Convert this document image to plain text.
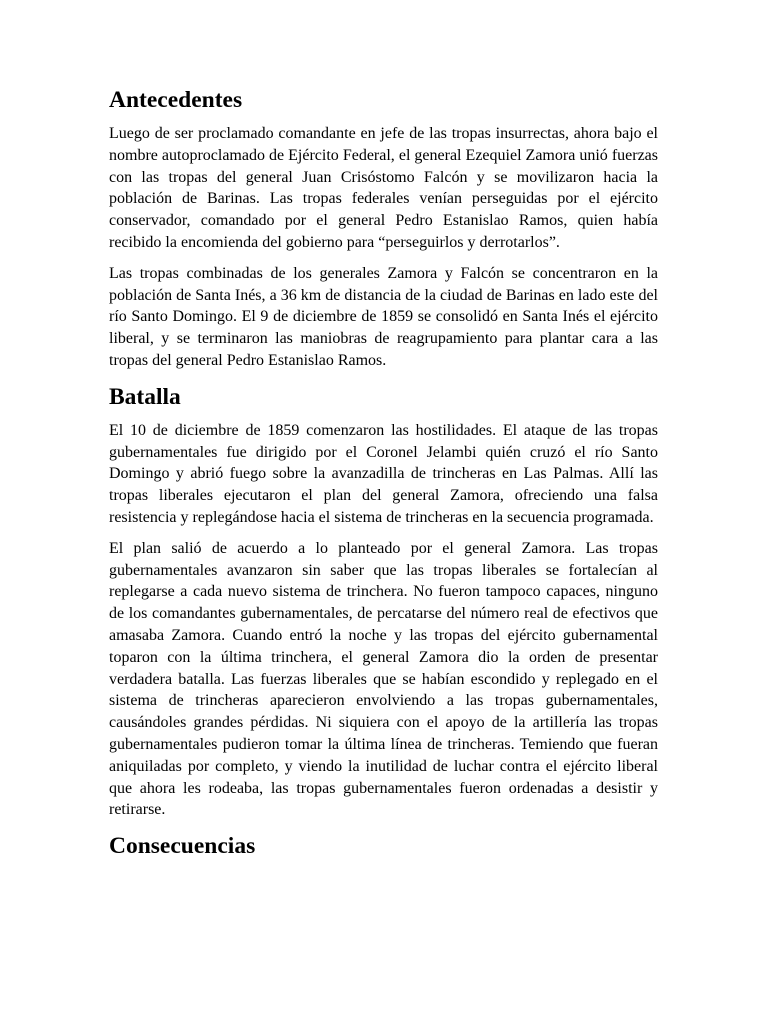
Antecedentes

Luego de ser proclamado comandante en jefe de las tropas insurrectas, ahora bajo el nombre autoproclamado de Ejército Federal, el general Ezequiel Zamora unió fuerzas con las tropas del general Juan Crisóstomo Falcón y se movilizaron hacia la población de Barinas. Las tropas federales venían perseguidas por el ejército conservador, comandado por el general Pedro Estanislao Ramos, quien había recibido la encomienda del gobierno para “perseguirlos y derrotarlos”.

Las tropas combinadas de los generales Zamora y Falcón se concentraron en la población de Santa Inés, a 36 km de distancia de la ciudad de Barinas en lado este del río Santo Domingo. El 9 de diciembre de 1859 se consolidó en Santa Inés el ejército liberal, y se terminaron las maniobras de reagrupamiento para plantar cara a las tropas del general Pedro Estanislao Ramos.

Batalla

El 10 de diciembre de 1859 comenzaron las hostilidades. El ataque de las tropas gubernamentales fue dirigido por el Coronel Jelambi quién cruzó el río Santo Domingo y abrió fuego sobre la avanzadilla de trincheras en Las Palmas. Allí las tropas liberales ejecutaron el plan del general Zamora, ofreciendo una falsa resistencia y replegándose hacia el sistema de trincheras en la secuencia programada.

El plan salió de acuerdo a lo planteado por el general Zamora. Las tropas gubernamentales avanzaron sin saber que las tropas liberales se fortalecían al replegarse a cada nuevo sistema de trinchera. No fueron tampoco capaces, ninguno de los comandantes gubernamentales, de percatarse del número real de efectivos que amasaba Zamora. Cuando entró la noche y las tropas del ejército gubernamental toparon con la última trinchera, el general Zamora dio la orden de presentar verdadera batalla. Las fuerzas liberales que se habían escondido y replegado en el sistema de trincheras aparecieron envolviendo a las tropas gubernamentales, causándoles grandes pérdidas. Ni siquiera con el apoyo de la artillería las tropas gubernamentales pudieron tomar la última línea de trincheras. Temiendo que fueran aniquiladas por completo, y viendo la inutilidad de luchar contra el ejército liberal que ahora les rodeaba, las tropas gubernamentales fueron ordenadas a desistir y retirarse.

Consecuencias
